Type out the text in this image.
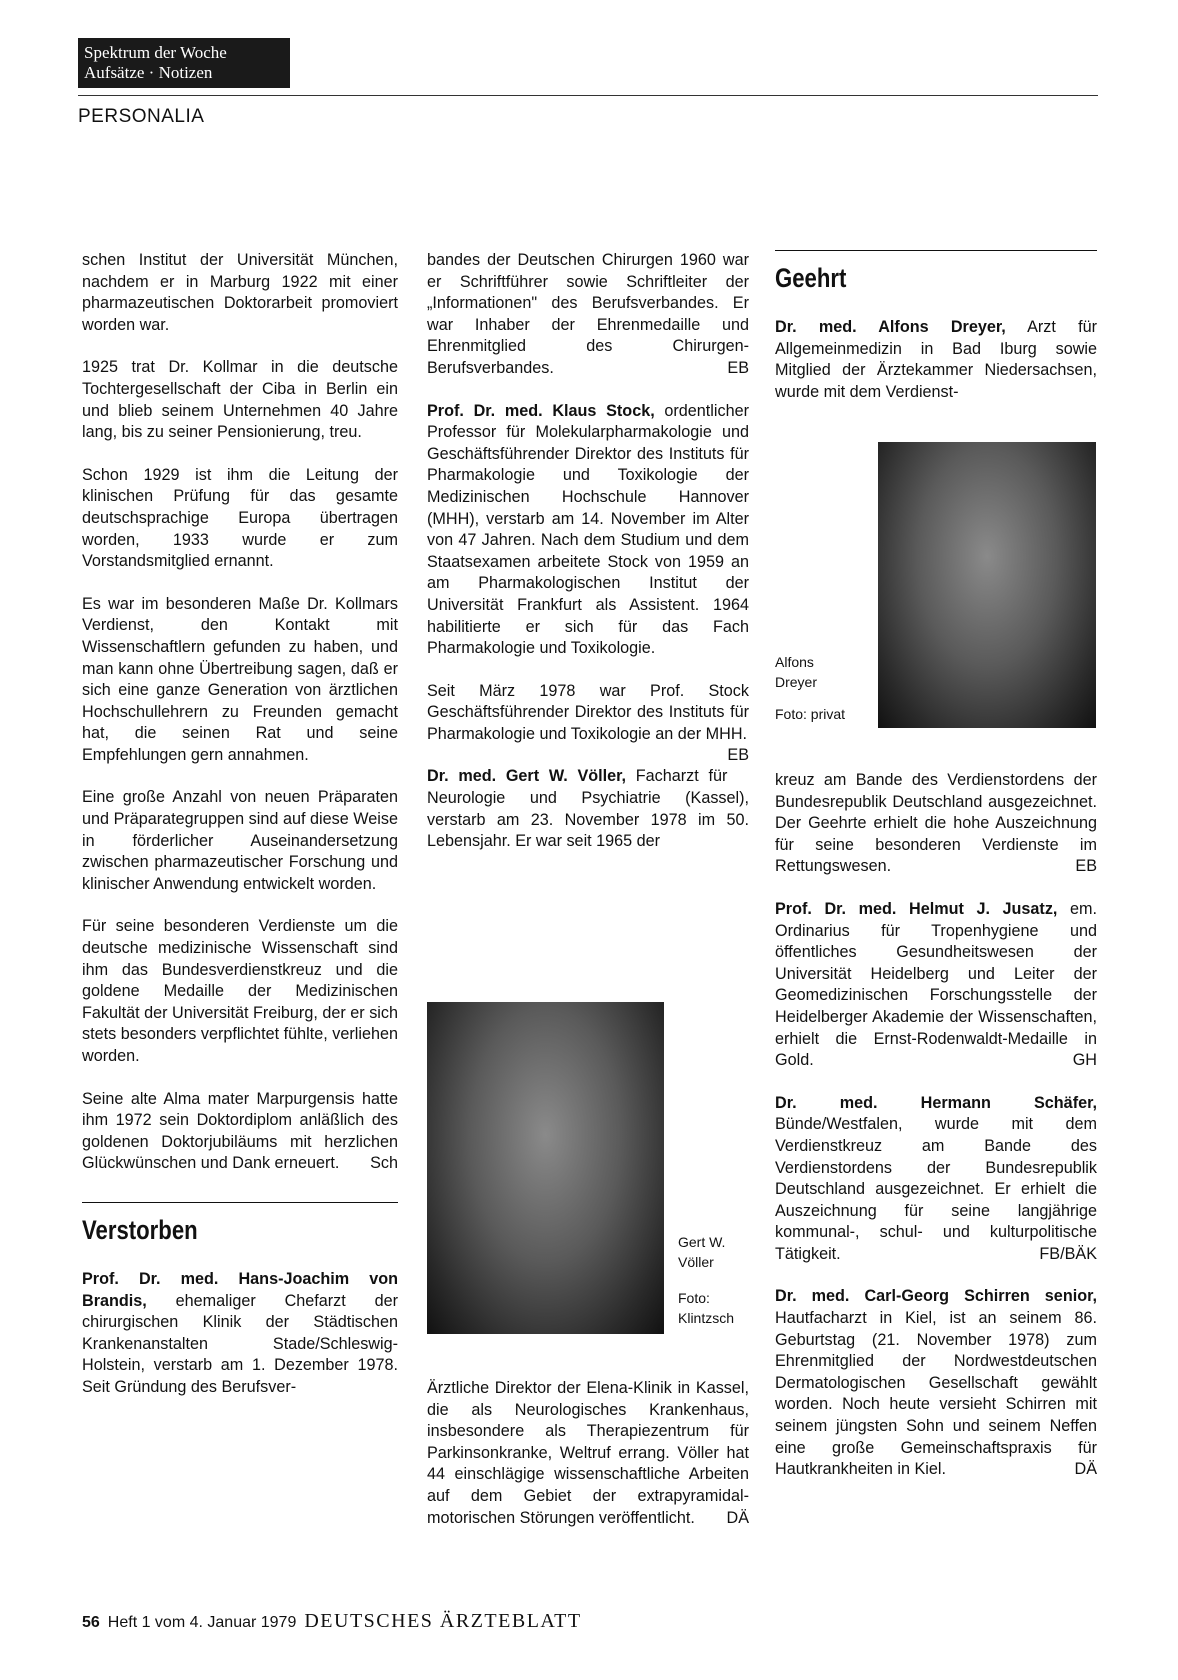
Spektrum der Woche
Aufsätze · Notizen
PERSONALIA

schen Institut der Universität München, nachdem er in Marburg 1922 mit einer pharmazeutischen Doktorarbeit promoviert worden war.

1925 trat Dr. Kollmar in die deutsche Tochtergesellschaft der Ciba in Berlin ein und blieb seinem Unternehmen 40 Jahre lang, bis zu seiner Pensionierung, treu.

Schon 1929 ist ihm die Leitung der klinischen Prüfung für das gesamte deutschsprachige Europa übertragen worden, 1933 wurde er zum Vorstandsmitglied ernannt.

Es war im besonderen Maße Dr. Kollmars Verdienst, den Kontakt mit Wissenschaftlern gefunden zu haben, und man kann ohne Übertreibung sagen, daß er sich eine ganze Generation von ärztlichen Hochschullehrern zu Freunden gemacht hat, die seinen Rat und seine Empfehlungen gern annahmen.

Eine große Anzahl von neuen Präparaten und Präparategruppen sind auf diese Weise in förderlicher Auseinandersetzung zwischen pharmazeutischer Forschung und klinischer Anwendung entwickelt worden.

Für seine besonderen Verdienste um die deutsche medizinische Wissenschaft sind ihm das Bundesverdienstkreuz und die goldene Medaille der Medizinischen Fakultät der Universität Freiburg, der er sich stets besonders verpflichtet fühlte, verliehen worden.

Seine alte Alma mater Marpurgensis hatte ihm 1972 sein Doktordiplom anläßlich des goldenen Doktorjubiläums mit herzlichen Glückwünschen und Dank erneuert. Sch

Verstorben

Prof. Dr. med. Hans-Joachim von Brandis, ehemaliger Chefarzt der chirurgischen Klinik der Städtischen Krankenanstalten Stade/Schleswig-Holstein, verstarb am 1. Dezember 1978. Seit Gründung des Berufsver-

bandes der Deutschen Chirurgen 1960 war er Schriftführer sowie Schriftleiter der „Informationen" des Berufsverbandes. Er war Inhaber der Ehrenmedaille und Ehrenmitglied des Chirurgen-Berufsverbandes.	EB

Prof. Dr. med. Klaus Stock, ordentlicher Professor für Molekularpharmakologie und Geschäftsführender Direktor des Instituts für Pharmakologie und Toxikologie der Medizinischen Hochschule Hannover (MHH), verstarb am 14. November im Alter von 47 Jahren. Nach dem Studium und dem Staatsexamen arbeitete Stock von 1959 an am Pharmakologischen Institut der Universität Frankfurt als Assistent. 1964 habilitierte er sich für das Fach Pharmakologie und Toxikologie.

Seit März 1978 war Prof. Stock Geschäftsführender Direktor des Instituts für Pharmakologie und Toxikologie an der MHH.
EB

Dr. med. Gert W. Völler, Facharzt für Neurologie und Psychiatrie (Kassel), verstarb am 23. November 1978 im 50. Lebensjahr. Er war seit 1965 der

Gert W.
Völler
Foto:
Klintzsch

Ärztliche Direktor der Elena-Klinik in Kassel, die als Neurologisches Krankenhaus, insbesondere als Therapiezentrum für Parkinsonkranke, Weltruf errang. Völler hat 44 einschlägige wissenschaftliche Arbeiten auf dem Gebiet der extrapyramidal-motorischen Störungen veröffentlicht. DÄ

Geehrt

Dr. med. Alfons Dreyer, Arzt für Allgemeinmedizin in Bad Iburg sowie Mitglied der Ärztekammer Niedersachsen, wurde mit dem Verdienst-

Alfons
Dreyer
Foto: privat

kreuz am Bande des Verdienstordens der Bundesrepublik Deutschland ausgezeichnet. Der Geehrte erhielt die hohe Auszeichnung für seine besonderen Verdienste im Rettungswesen.	EB

Prof. Dr. med. Helmut J. Jusatz, em. Ordinarius für Tropenhygiene und öffentliches Gesundheitswesen der Universität Heidelberg und Leiter der Geomedizinischen Forschungsstelle der Heidelberger Akademie der Wissenschaften, erhielt die Ernst-Rodenwaldt-Medaille in Gold.	GH

Dr. med. Hermann Schäfer, Bünde/Westfalen, wurde mit dem Verdienstkreuz am Bande des Verdienstordens der Bundesrepublik Deutschland ausgezeichnet. Er erhielt die Auszeichnung für seine langjährige kommunal-, schul- und kulturpolitische Tätigkeit.	FB/BÄK

Dr. med. Carl-Georg Schirren senior, Hautfacharzt in Kiel, ist an seinem 86. Geburtstag (21. November 1978) zum Ehrenmitglied der Nordwestdeutschen Dermatologischen Gesellschaft gewählt worden. Noch heute versieht Schirren mit seinem jüngsten Sohn und seinem Neffen eine große Gemeinschaftspraxis für Hautkrankheiten in Kiel.	DÄ

56 Heft 1 vom 4. Januar 1979 DEUTSCHES ÄRZTEBLATT
